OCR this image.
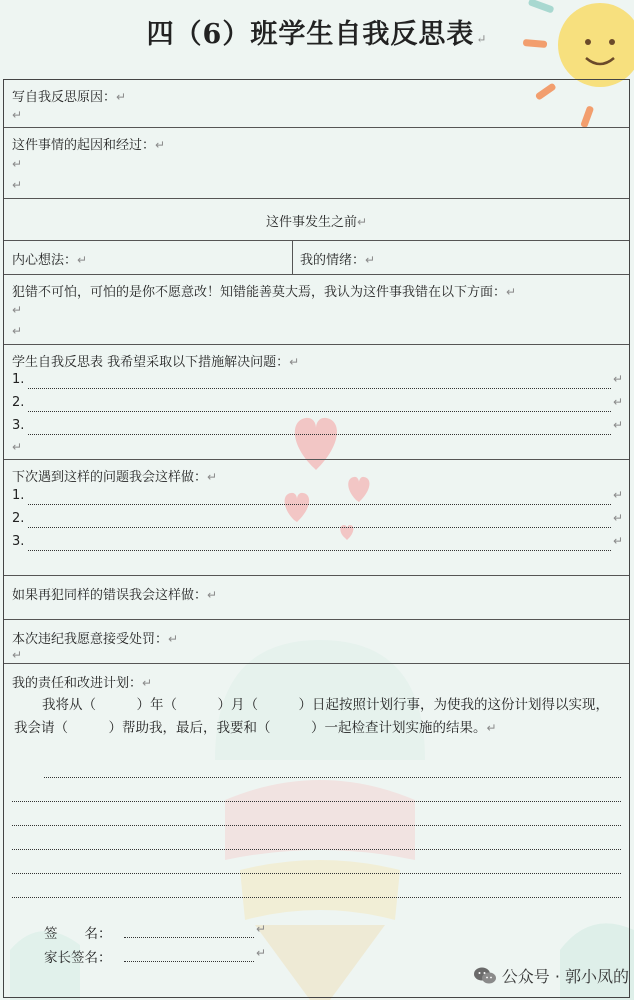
四（6）班学生自我反思表 ↵
写自我反思原因：↵
↵
这件事情的起因和经过：↵
↵
↵
这件事发生之前↵
内心想法：↵	我的情绪：↵
犯错不可怕，可怕的是你不愿意改！知错能善莫大焉，我认为这件事我错在以下方面：↵
↵
↵
学生自我反思表 我希望采取以下措施解决问题：↵
1.	↵
2.	↵
3.	↵
↵
下次遇到这样的问题我会这样做：↵
1.	↵
2.	↵
3.	↵
如果再犯同样的错误我会这样做：↵
本次违纪我愿意接受处罚：↵
↵
我的责任和改进计划：↵
我将从（　　　）年（　　　）月（　　　）日起按照计划行事，为使我的这份计划得以实现，我会请（　　　）帮助我，最后，我要和（　　　）一起检查计划实施的结果。↵
签　　名：	↵
家长签名：	↵
公众号 · 郭小凤的
